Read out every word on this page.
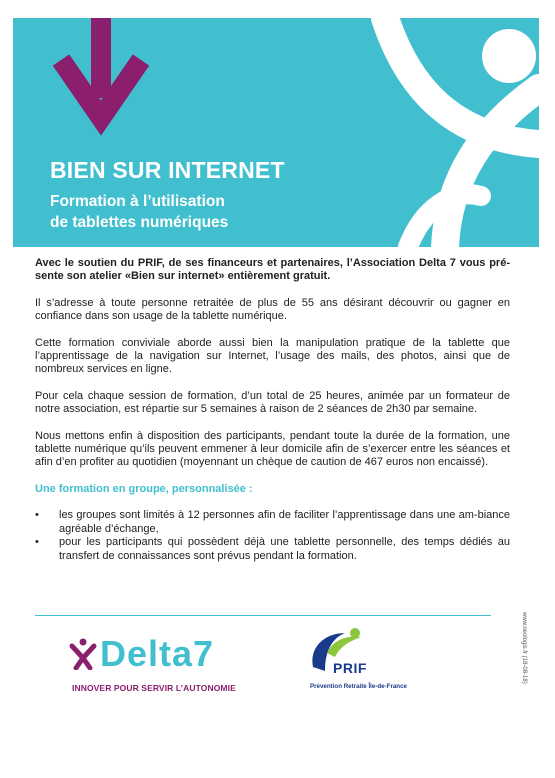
BIEN SUR INTERNET
Formation à l’utilisation
de tablettes numériques

Avec le soutien du PRIF, de ses financeurs et partenaires, l’Association Delta 7 vous pré-sente son atelier «Bien sur internet» entièrement gratuit.

Il s’adresse à toute personne retraitée de plus de 55 ans désirant découvrir ou gagner en confiance dans son usage de la tablette numérique.

Cette formation conviviale aborde aussi bien la manipulation pratique de la tablette que l’apprentissage de la navigation sur Internet, l’usage des mails, des photos, ainsi que de nombreux services en ligne.

Pour cela chaque session de formation, d’un total de 25 heures, animée par un formateur de notre association, est répartie sur 5 semaines à raison de 2 séances de 2h30 par semaine.

Nous mettons enfin à disposition des participants, pendant toute la durée de la formation, une tablette numérique qu’ils peuvent emmener à leur domicile afin de s’exercer entre les séances et afin d’en profiter au quotidien (moyennant un chèque de caution de 467 euros non encaissé).

Une formation en groupe, personnalisée :
• les groupes sont limités à 12 personnes afin de faciliter l’apprentissage dans une am-biance agréable d’échange,
• pour les participants qui possèdent déjà une tablette personnelle, des temps dédiés au transfert de connaissances sont prévus pendant la formation.
www.neologis.fr (18-08-18)
Delta7
INNOVER POUR SERVIR L’AUTONOMIE
PRIF
Prévention Retraite Île-de-France
